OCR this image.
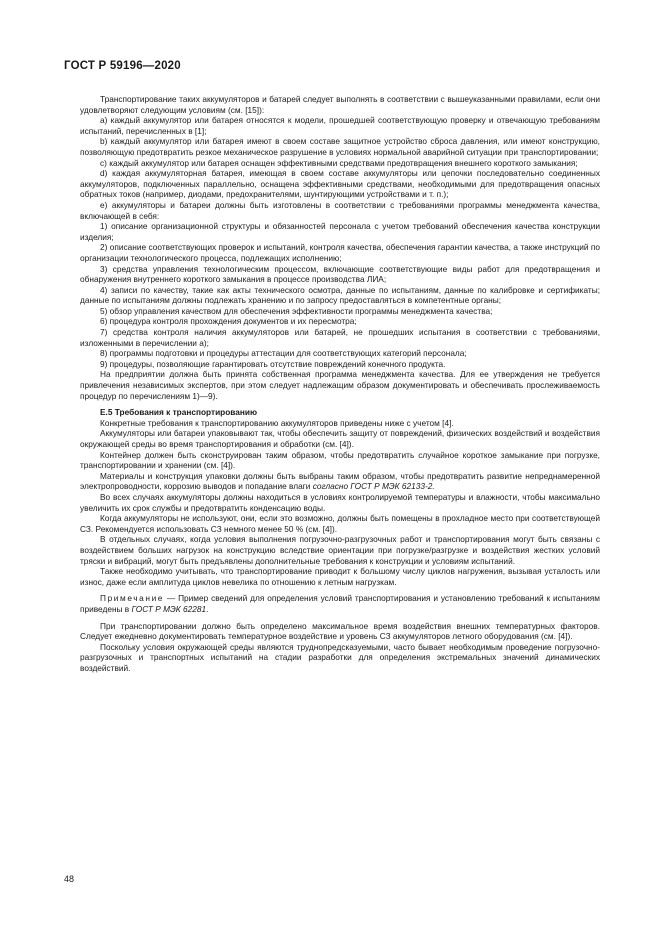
ГОСТ Р 59196—2020

Транспортирование таких аккумуляторов и батарей следует выполнять в соответствии с вышеуказанными правилами, если они удовлетворяют следующим условиям (см. [15]):

a) каждый аккумулятор или батарея относятся к модели, прошедшей соответствующую проверку и отвечающую требованиям испытаний, перечисленных в [1];

b) каждый аккумулятор или батарея имеют в своем составе защитное устройство сброса давления, или имеют конструкцию, позволяющую предотвратить резкое механическое разрушение в условиях нормальной аварийной ситуации при транспортировании;

c) каждый аккумулятор или батарея оснащен эффективными средствами предотвращения внешнего короткого замыкания;

d) каждая аккумуляторная батарея, имеющая в своем составе аккумуляторы или цепочки последовательно соединенных аккумуляторов, подключенных параллельно, оснащена эффективными средствами, необходимыми для предотвращения опасных обратных токов (например, диодами, предохранителями, шунтирующими устройствами и т. п.);

e) аккумуляторы и батареи должны быть изготовлены в соответствии с требованиями программы менеджмента качества, включающей в себя:

1) описание организационной структуры и обязанностей персонала с учетом требований обеспечения качества конструкции изделия;

2) описание соответствующих проверок и испытаний, контроля качества, обеспечения гарантии качества, а также инструкций по организации технологического процесса, подлежащих исполнению;

3) средства управления технологическим процессом, включающие соответствующие виды работ для предотвращения и обнаружения внутреннего короткого замыкания в процессе производства ЛИА;

4) записи по качеству, такие как акты технического осмотра, данные по испытаниям, данные по калибровке и сертификаты; данные по испытаниям должны подлежать хранению и по запросу предоставляться в компетентные органы;

5) обзор управления качеством для обеспечения эффективности программы менеджмента качества;

6) процедура контроля прохождения документов и их пересмотра;

7) средства контроля наличия аккумуляторов или батарей, не прошедших испытания в соответствии с требованиями, изложенными в перечислении а);

8) программы подготовки и процедуры аттестации для соответствующих категорий персонала;

9) процедуры, позволяющие гарантировать отсутствие повреждений конечного продукта.

На предприятии должна быть принята собственная программа менеджмента качества. Для ее утверждения не требуется привлечения независимых экспертов, при этом следует надлежащим образом документировать и обеспечивать прослеживаемость процедур по перечислениям 1)—9).

Е.5 Требования к транспортированию

Конкретные требования к транспортированию аккумуляторов приведены ниже с учетом [4].

Аккумуляторы или батареи упаковывают так, чтобы обеспечить защиту от повреждений, физических воздействий и воздействия окружающей среды во время транспортирования и обработки (см. [4]).

Контейнер должен быть сконструирован таким образом, чтобы предотвратить случайное короткое замыкание при погрузке, транспортировании и хранении (см. [4]).

Материалы и конструкция упаковки должны быть выбраны таким образом, чтобы предотвратить развитие непреднамеренной электропроводности, коррозию выводов и попадание влаги согласно ГОСТ Р МЭК 62133-2.

Во всех случаях аккумуляторы должны находиться в условиях контролируемой температуры и влажности, чтобы максимально увеличить их срок службы и предотвратить конденсацию воды.

Когда аккумуляторы не используют, они, если это возможно, должны быть помещены в прохладное место при соответствующей СЗ. Рекомендуется использовать СЗ немного менее 50 % (см. [4]).

В отдельных случаях, когда условия выполнения погрузочно-разгрузочных работ и транспортирования могут быть связаны с воздействием больших нагрузок на конструкцию вследствие ориентации при погрузке/разгрузке и воздействия жестких условий тряски и вибраций, могут быть предъявлены дополнительные требования к конструкции и условиям испытаний.

Также необходимо учитывать, что транспортирование приводит к большому числу циклов нагружения, вызывая усталость или износ, даже если амплитуда циклов невелика по отношению к летным нагрузкам.

Примечание — Пример сведений для определения условий транспортирования и установлению требований к испытаниям приведены в ГОСТ Р МЭК 62281.

При транспортировании должно быть определено максимальное время воздействия внешних температурных факторов. Следует ежедневно документировать температурное воздействие и уровень СЗ аккумуляторов летного оборудования (см. [4]).

Поскольку условия окружающей среды являются труднопредсказуемыми, часто бывает необходимым проведение погрузочно-разгрузочных и транспортных испытаний на стадии разработки для определения экстремальных значений динамических воздействий.

48
